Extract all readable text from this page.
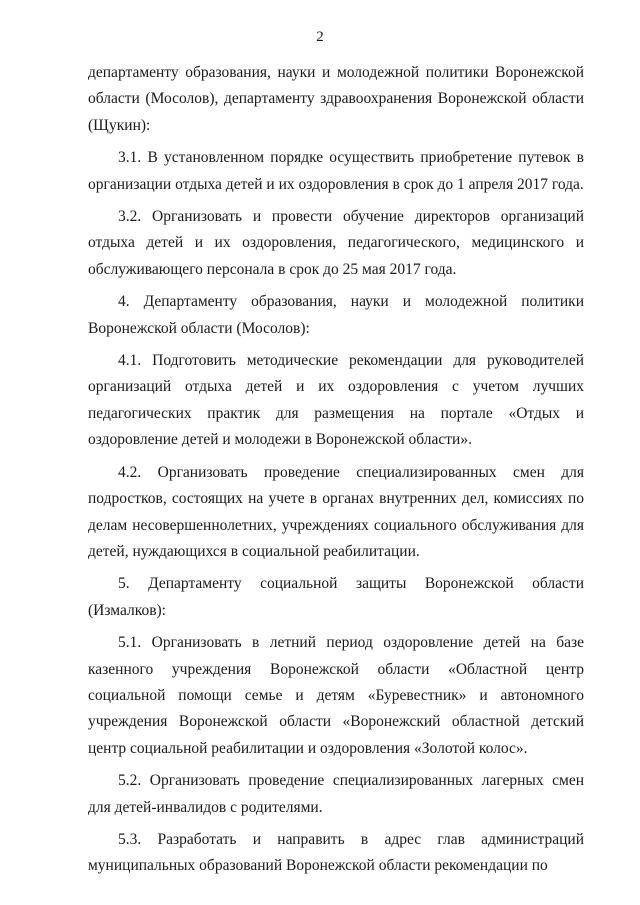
2

департаменту образования, науки и молодежной политики Воронежской области (Мосолов), департаменту здравоохранения Воронежской области (Щукин):

3.1. В установленном порядке осуществить приобретение путевок в организации отдыха детей и их оздоровления в срок до 1 апреля 2017 года.

3.2. Организовать и провести обучение директоров организаций отдыха детей и их оздоровления, педагогического, медицинского и обслуживающего персонала в срок до 25 мая 2017 года.

4. Департаменту образования, науки и молодежной политики Воронежской области (Мосолов):

4.1. Подготовить методические рекомендации для руководителей организаций отдыха детей и их оздоровления с учетом лучших педагогических практик для размещения на портале «Отдых и оздоровление детей и молодежи в Воронежской области».

4.2. Организовать проведение специализированных смен для подростков, состоящих на учете в органах внутренних дел, комиссиях по делам несовершеннолетних, учреждениях социального обслуживания для детей, нуждающихся в социальной реабилитации.

5. Департаменту социальной защиты Воронежской области (Измалков):

5.1. Организовать в летний период оздоровление детей на базе казенного учреждения Воронежской области «Областной центр социальной помощи семье и детям «Буревестник» и автономного учреждения Воронежской области «Воронежский областной детский центр социальной реабилитации и оздоровления «Золотой колос».

5.2. Организовать проведение специализированных лагерных смен для детей-инвалидов с родителями.

5.3. Разработать и направить в адрес глав администраций муниципальных образований Воронежской области рекомендации по
